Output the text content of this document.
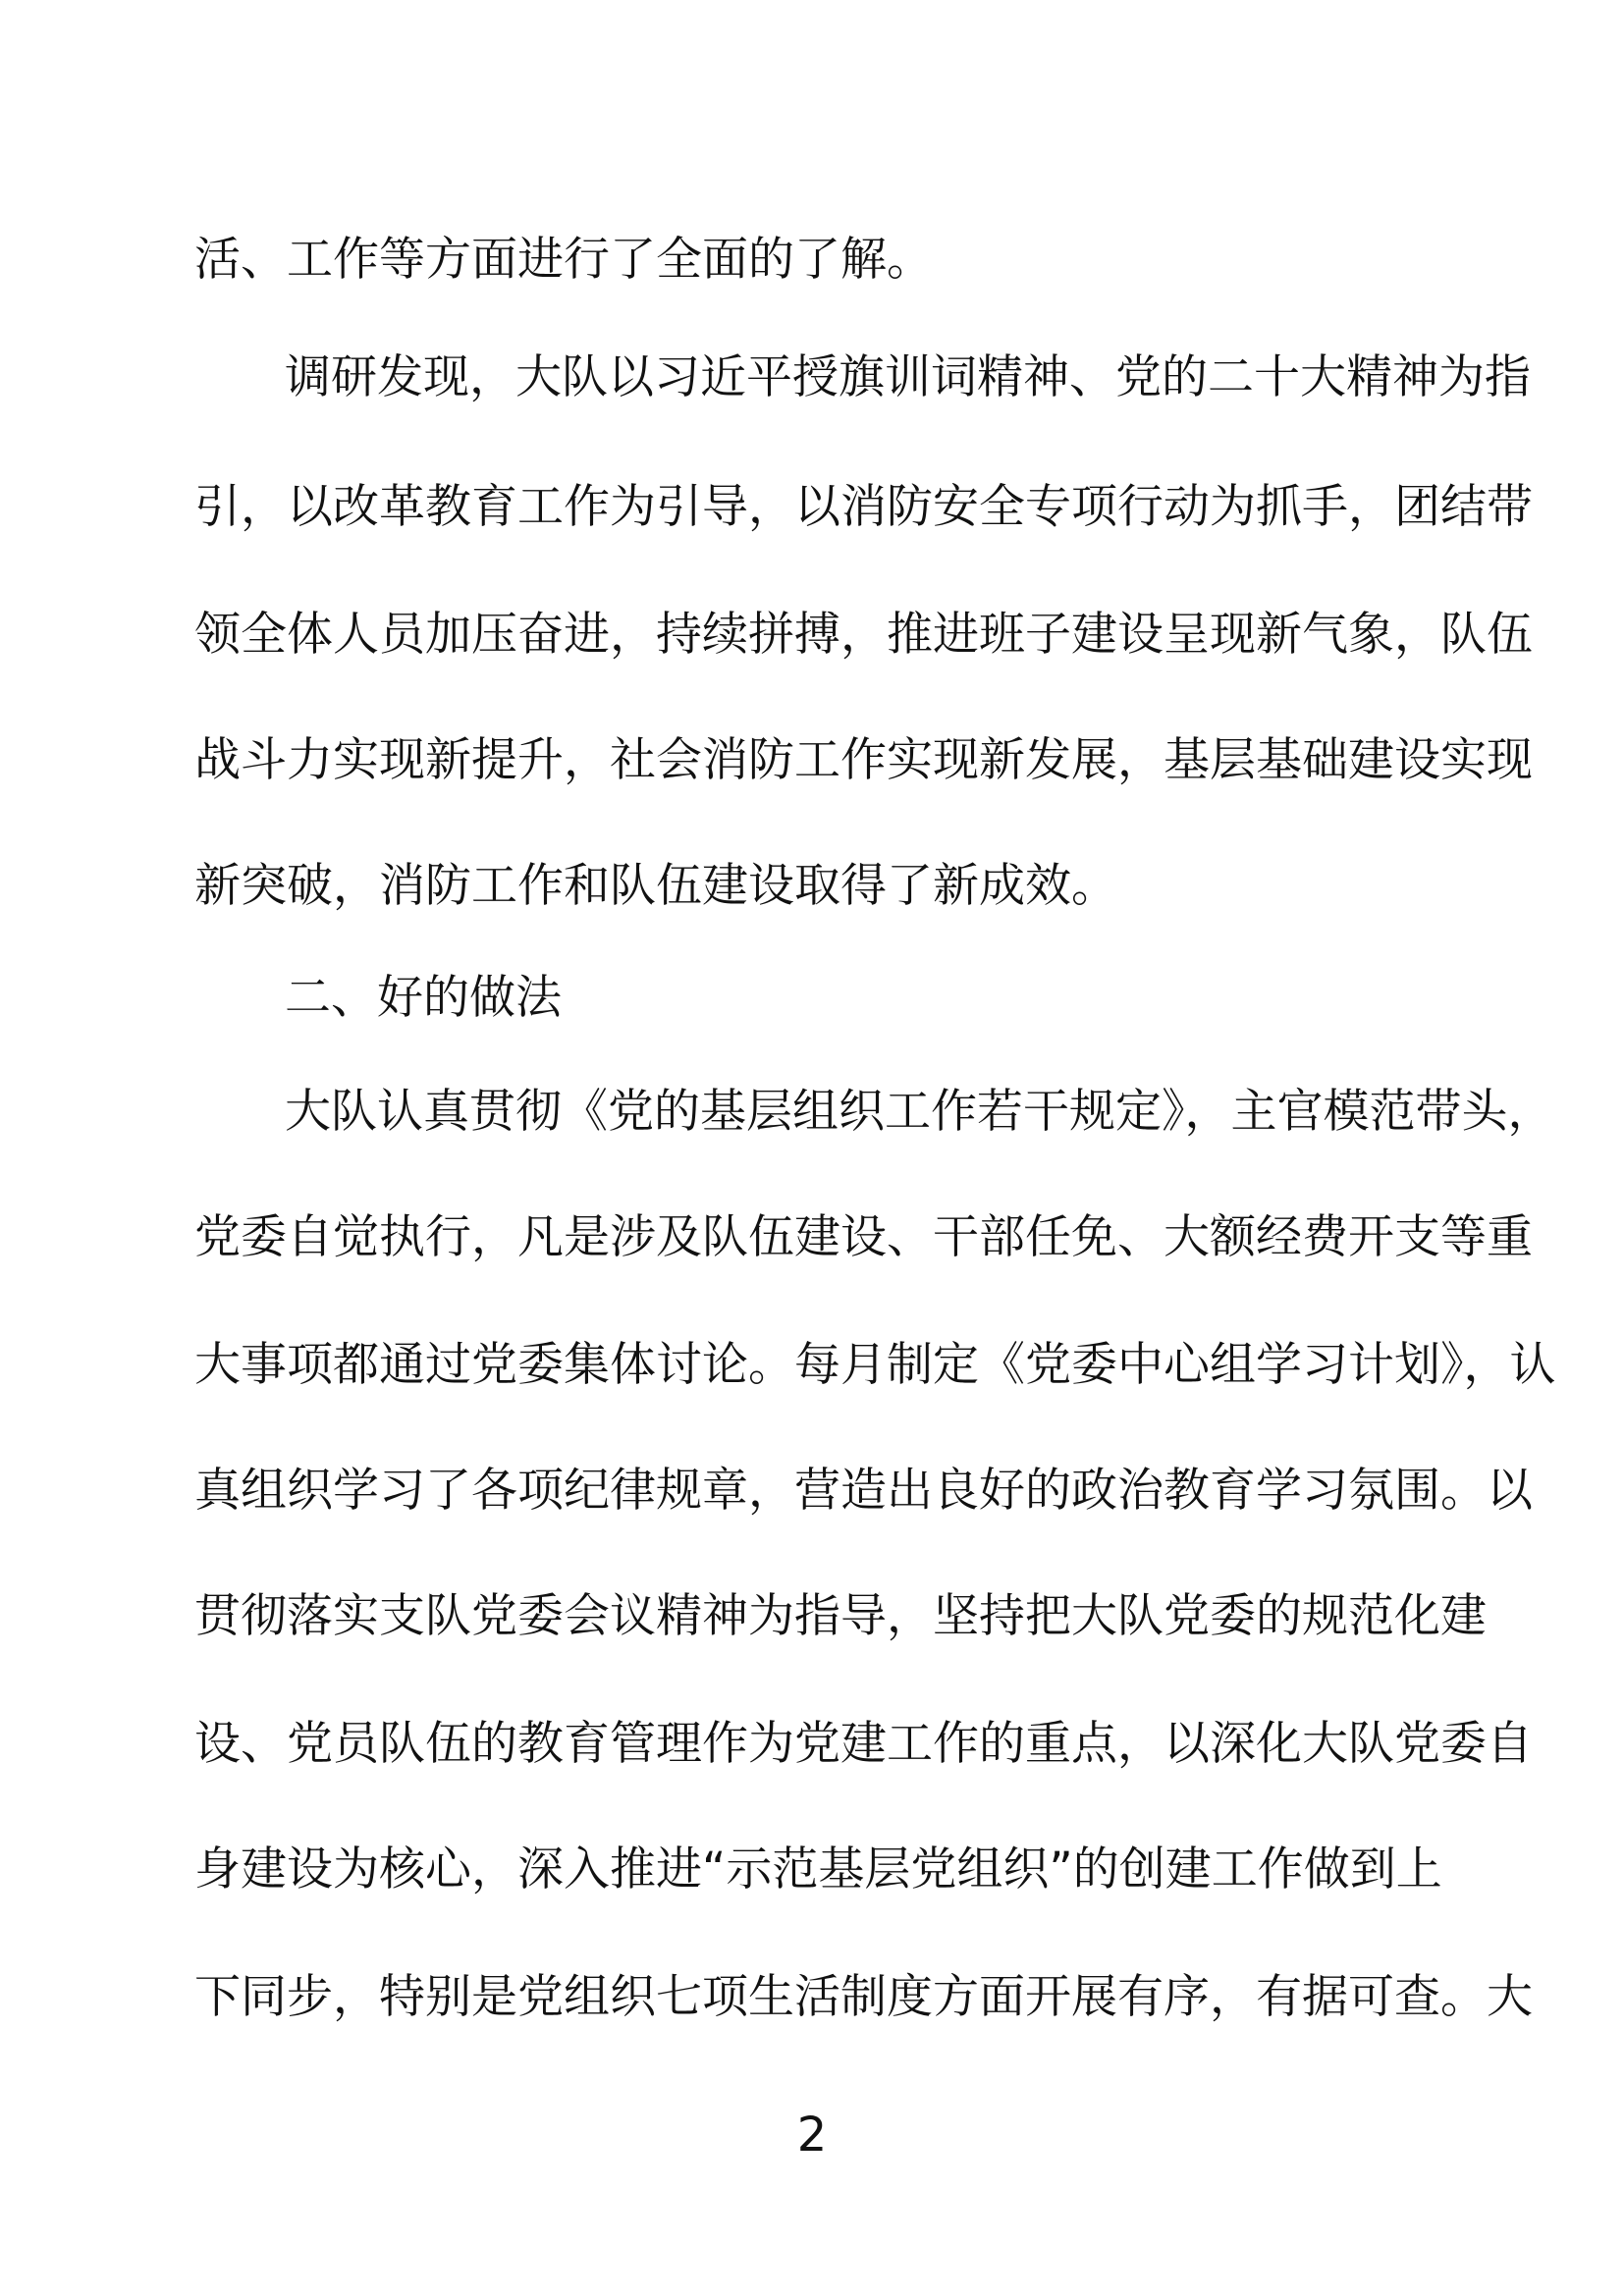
活、工作等方面进行了全面的了解。
调研发现，大队以习近平授旗训词精神、党的二十大精神为指
引，以改革教育工作为引导，以消防安全专项行动为抓手，团结带
领全体人员加压奋进，持续拼搏，推进班子建设呈现新气象，队伍
战斗力实现新提升，社会消防工作实现新发展，基层基础建设实现
新突破，消防工作和队伍建设取得了新成效。
二、好的做法
大队认真贯彻《党的基层组织工作若干规定》，主官模范带头，
党委自觉执行，凡是涉及队伍建设、干部任免、大额经费开支等重
大事项都通过党委集体讨论。每月制定《党委中心组学习计划》，认
真组织学习了各项纪律规章，营造出良好的政治教育学习氛围。以
贯彻落实支队党委会议精神为指导，坚持把大队党委的规范化建
设、党员队伍的教育管理作为党建工作的重点，以深化大队党委自
身建设为核心，深入推进“示范基层党组织”的创建工作做到上
下同步，特别是党组织七项生活制度方面开展有序，有据可查。大
2
